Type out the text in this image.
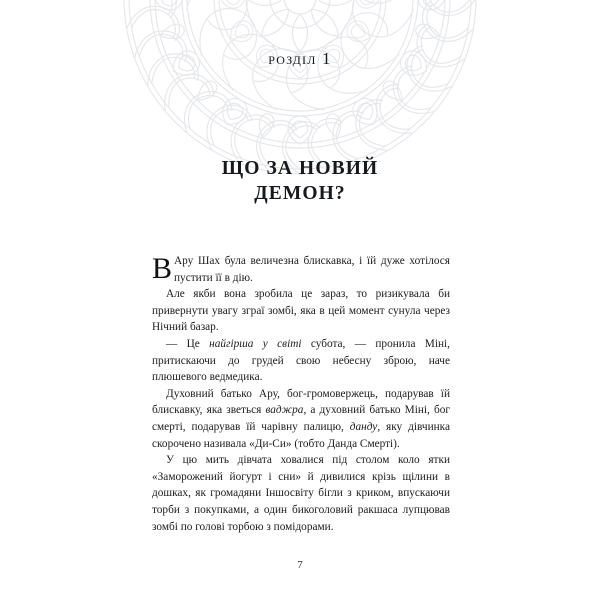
розділ 1
ЩО ЗА НОВИЙ
ДЕМОН?

ВАру Шах була величезна блискавка, і їй дуже хотілося пустити її в дію.

Але якби вона зробила це зараз, то ризикувала би привернути увагу зграї зомбі, яка в цей момент сунула через Нічний базар.

— Це найгірша у світі субота, — пронила Міні, притискаючи до грудей свою небесну зброю, наче плюшевого ведмедика.

Духовний батько Ару, бог-громовержець, подарував їй блискавку, яка зветься ваджра, а духовний батько Міні, бог смерті, подарував їй чарівну палицю, данду, яку дівчинка скорочено називала «Ди-Си» (тобто Данда Смерті).

У цю мить дівчата ховалися під столом коло ятки «Заморожений йогурт і сни» й дивилися крізь щілини в дошках, як громадяни Іншосвіту бігли з криком, впускаючи торби з покупками, а один бикоголовий ракшаса лупцював зомбі по голові торбою з помідорами.

7
